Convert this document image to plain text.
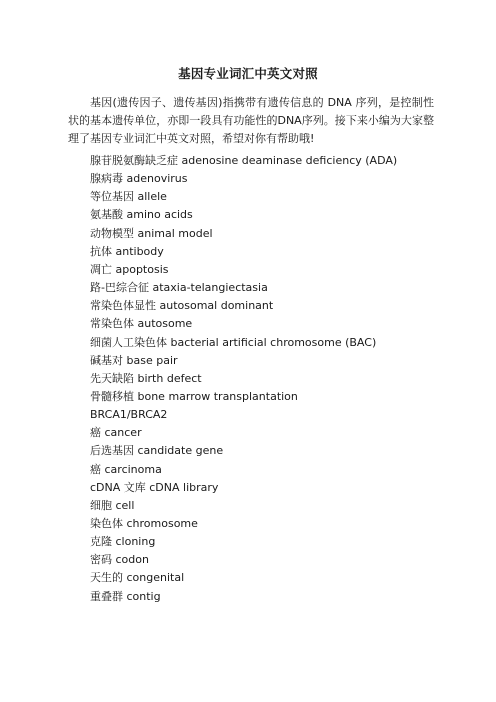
基因专业词汇中英文对照
基因(遗传因子、遗传基因)指携带有遗传信息的 DNA 序列，是控制性状的基本遗传单位，亦即一段具有功能性的DNA序列。接下来小编为大家整理了基因专业词汇中英文对照，希望对你有帮助哦!
腺苷脱氨酶缺乏症 adenosine deaminase deficiency (ADA)
腺病毒 adenovirus
等位基因 allele
氨基酸 amino acids
动物模型 animal model
抗体 antibody
凋亡 apoptosis
路-巴综合征 ataxia-telangiectasia
常染色体显性 autosomal dominant
常染色体 autosome
细菌人工染色体 bacterial artificial chromosome (BAC)
碱基对 base pair
先天缺陷 birth defect
骨髓移植 bone marrow transplantation
BRCA1/BRCA2
癌 cancer
后选基因 candidate gene
癌 carcinoma
cDNA 文库 cDNA library
细胞 cell
染色体 chromosome
克隆 cloning
密码 codon
天生的 congenital
重叠群 contig
